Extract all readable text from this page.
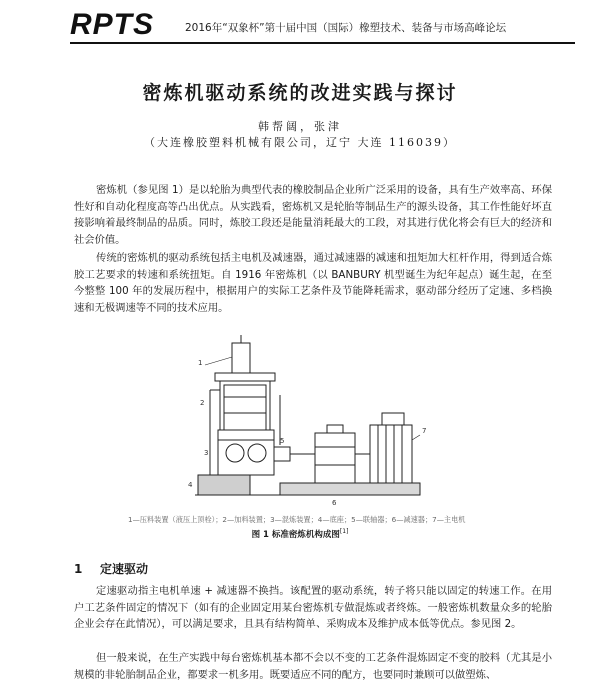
RPTS	2016年“双象杯”第十届中国（国际）橡塑技术、装备与市场高峰论坛
密炼机驱动系统的改进实践与探讨
韩帮阔，张津
（大连橡胶塑料机械有限公司，辽宁 大连 116039）

密炼机（参见图 1）是以轮胎为典型代表的橡胶制品企业所广泛采用的设备，具有生产效率高、环保性好和自动化程度高等凸出优点。从实践看，密炼机又是轮胎等制品生产的源头设备，其工作性能好坏直接影响着最终制品的品质。同时，炼胶工段还是能量消耗最大的工段，对其进行优化将会有巨大的经济和社会价值。

传统的密炼机的驱动系统包括主电机及减速器，通过减速器的减速和扭矩加大杠杆作用，得到适合炼胶工艺要求的转速和系统扭矩。自 1916 年密炼机（以 BANBURY 机型诞生为纪年起点）诞生起，在至今整整 100 年的发展历程中，根据用户的实际工艺条件及节能降耗需求，驱动部分经历了定速、多档换速和无极调速等不同的技术应用。

1
2
3
4
5
6
7
1—压料装置（液压上顶栓）；2—加料装置；3—混炼装置；4—底座；5—联轴器；6—减速器；7—主电机
图 1 标准密炼机构成图[1]
1 定速驱动

定速驱动指主电机单速 + 减速器不换挡。该配置的驱动系统，转子将只能以固定的转速工作。在用户工艺条件固定的情况下（如有的企业固定用某台密炼机专做混炼或者终炼。一般密炼机数量众多的轮胎企业会存在此情况），可以满足要求，且具有结构简单、采购成本及维护成本低等优点。参见图 2。

但一般来说，在生产实践中每台密炼机基本都不会以不变的工艺条件混炼固定不变的胶料（尤其是小规模的非轮胎制品企业，都要求一机多用。既要适应不同的配方，也要同时兼顾可以做塑炼、
